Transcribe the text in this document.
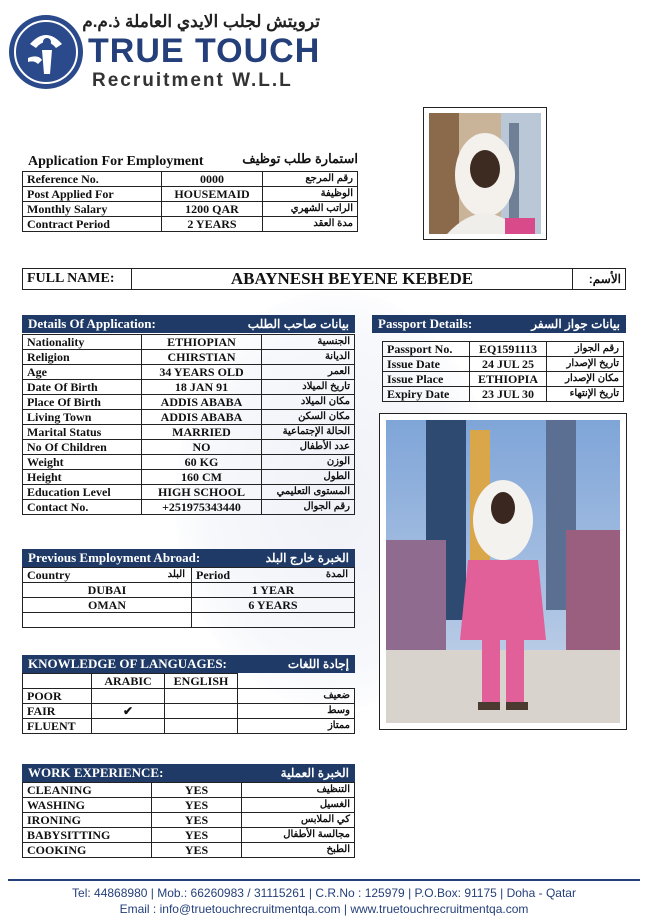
ترويتش لجلب الايدي العاملة ذ.م.م
TRUE TOUCH
Recruitment W.L.L
Application For Employment	استمارة طلب توظيف
Reference No.	0000	رقم المرجع
Post Applied For	HOUSEMAID	الوظيفة
Monthly Salary	1200 QAR	الراتب الشهري
Contract Period	2 YEARS	مدة العقد
FULL NAME:	ABAYNESH BEYENE KEBEDE	الأسم:
Details Of Application:	بيانات صاحب الطلب
Nationality	ETHIOPIAN	الجنسية
Religion	CHIRSTIAN	الديانة
Age	34 YEARS OLD	العمر
Date Of Birth	18 JAN 91	تاريخ الميلاد
Place Of Birth	ADDIS ABABA	مكان الميلاد
Living Town	ADDIS ABABA	مكان السكن
Marital Status	MARRIED	الحالة الإجتماعية
No Of Children	NO	عدد الأطفال
Weight	60 KG	الوزن
Height	160 CM	الطول
Education Level	HIGH SCHOOL	المستوى التعليمي
Contact No.	+251975343440	رقم الجوال
Passport Details:	بيانات جواز السفر
Passport No.	EQ1591113	رقم الجواز
Issue Date	24 JUL 25	تاريخ الإصدار
Issue Place	ETHIOPIA	مكان الإصدار
Expiry Date	23 JUL 30	تاريخ الإنتهاء
Previous Employment Abroad:	الخبرة خارج البلد
Country البلد	Period المدة

DUBAI	1 YEAR
OMAN	6 YEARS

KNOWLEDGE OF LANGUAGES:	إجادة اللغات
	ARABIC	ENGLISH	
POOR			ضعيف
FAIR	✔		وسط
FLUENT			ممتاز
WORK EXPERIENCE:	الخبرة العملية
CLEANING	YES	التنظيف
WASHING	YES	الغسيل
IRONING	YES	كي الملابس
BABYSITTING	YES	مجالسة الأطفال
COOKING	YES	الطبخ
Tel: 44868980 | Mob.: 66260983 / 31115261 | C.R.No : 125979 | P.O.Box: 91175 | Doha - Qatar
Email : info@truetouchrecruitmentqa.com | www.truetouchrecruitmentqa.com
